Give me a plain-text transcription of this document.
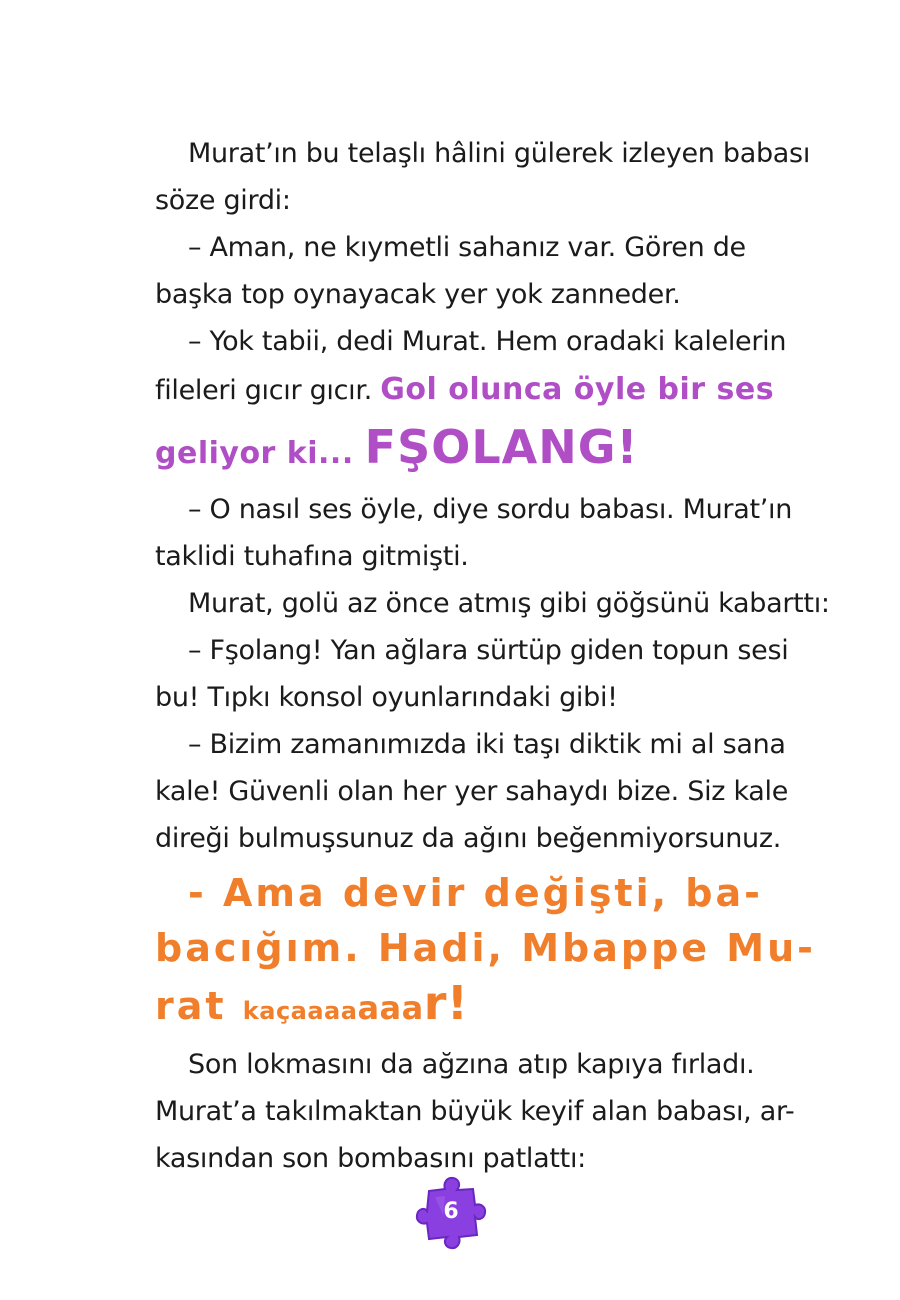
Murat’ın bu telaşlı hâlini gülerek izleyen babası
söze girdi:
– Aman, ne kıymetli sahanız var. Gören de
başka top oynayacak yer yok zanneder.
– Yok tabii, dedi Murat. Hem oradaki kalelerin
fileleri gıcır gıcır. Gol olunca öyle bir ses
geliyor ki... FŞOLANG!
– O nasıl ses öyle, diye sordu babası. Murat’ın
taklidi tuhafına gitmişti.
Murat, golü az önce atmış gibi göğsünü kabarttı:
– Fşolang! Yan ağlara sürtüp giden topun sesi
bu! Tıpkı konsol oyunlarındaki gibi!
– Bizim zamanımızda iki taşı diktik mi al sana
kale! Güvenli olan her yer sahaydı bize. Siz kale
direği bulmuşsunuz da ağını beğenmiyorsunuz.
- Ama devir değişti, ba-
bacığım. Hadi, Mbappe Mu-
rat kaçaaaaaaar!
Son lokmasını da ağzına atıp kapıya fırladı.
Murat’a takılmaktan büyük keyif alan babası, ar-
kasından son bombasını patlattı:
6
